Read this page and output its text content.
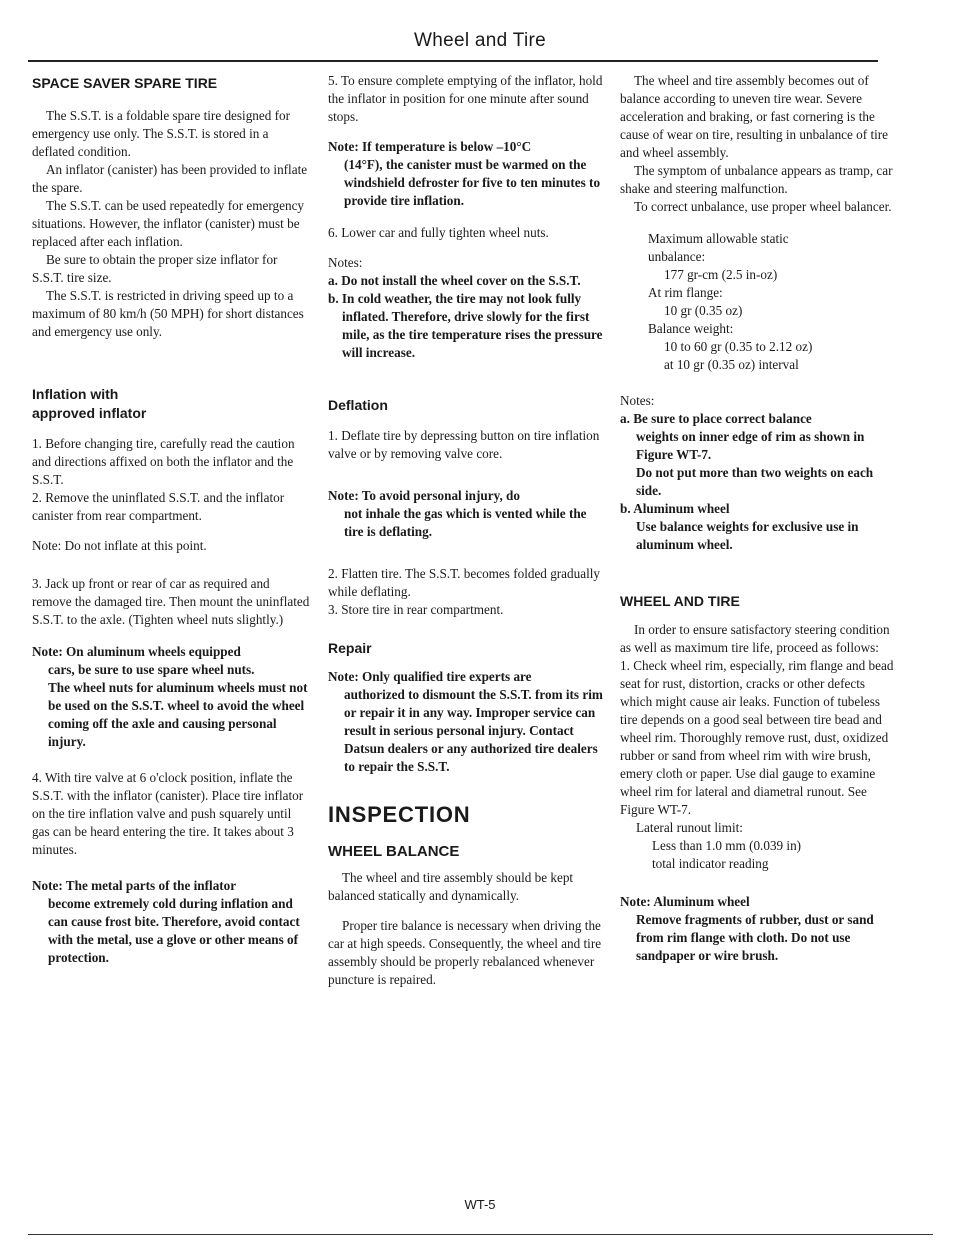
Wheel and Tire
SPACE SAVER SPARE TIRE

The S.S.T. is a foldable spare tire designed for emergency use only. The S.S.T. is stored in a deflated condition.

An inflator (canister) has been provided to inflate the spare.

The S.S.T. can be used repeatedly for emergency situations. However, the inflator (canister) must be replaced after each inflation.

Be sure to obtain the proper size inflator for S.S.T. tire size.

The S.S.T. is restricted in driving speed up to a maximum of 80 km/h (50 MPH) for short distances and emergency use only.

Inflation with
approved inflator

1. Before changing tire, carefully read the caution and directions affixed on both the inflator and the S.S.T.

2. Remove the uninflated S.S.T. and the inflator canister from rear compartment.

Note: Do not inflate at this point.

3. Jack up front or rear of car as required and remove the damaged tire. Then mount the uninflated S.S.T. to the axle. (Tighten wheel nuts slightly.)

Note: On aluminum wheels equipped
cars, be sure to use spare wheel nuts.
The wheel nuts for aluminum wheels must not be used on the S.S.T. wheel to avoid the wheel coming off the axle and causing personal injury.

4. With tire valve at 6 o'clock position, inflate the S.S.T. with the inflator (canister). Place tire inflator on the tire inflation valve and push squarely until gas can be heard entering the tire. It takes about 3 minutes.

Note: The metal parts of the inflator
become extremely cold during inflation and can cause frost bite. Therefore, avoid contact with the metal, use a glove or other means of protection.

5. To ensure complete emptying of the inflator, hold the inflator in position for one minute after sound stops.

Note: If temperature is below –10°C
(14°F), the canister must be warmed on the windshield defroster for five to ten minutes to provide tire inflation.

6. Lower car and fully tighten wheel nuts.

Notes:
a. Do not install the wheel cover on the S.S.T.
b. In cold weather, the tire may not look fully inflated. Therefore, drive slowly for the first mile, as the tire temperature rises the pressure will increase.
Deflation

1. Deflate tire by depressing button on tire inflation valve or by removing valve core.

Note: To avoid personal injury, do
not inhale the gas which is vented while the tire is deflating.

2. Flatten tire. The S.S.T. becomes folded gradually while deflating.

3. Store tire in rear compartment.

Repair
Note: Only qualified tire experts are
authorized to dismount the S.S.T. from its rim or repair it in any way. Improper service can result in serious personal injury. Contact Datsun dealers or any authorized tire dealers to repair the S.S.T.
INSPECTION
WHEEL BALANCE

The wheel and tire assembly should be kept balanced statically and dynamically.

Proper tire balance is necessary when driving the car at high speeds. Consequently, the wheel and tire assembly should be properly rebalanced whenever puncture is repaired.

The wheel and tire assembly becomes out of balance according to uneven tire wear. Severe acceleration and braking, or fast cornering is the cause of wear on tire, resulting in unbalance of tire and wheel assembly.

The symptom of unbalance appears as tramp, car shake and steering malfunction.

To correct unbalance, use proper wheel balancer.

Maximum allowable static
unbalance:
177 gr-cm (2.5 in-oz)
At rim flange:
10 gr (0.35 oz)
Balance weight:
10 to 60 gr (0.35 to 2.12 oz)
at 10 gr (0.35 oz) interval
Notes:
a. Be sure to place correct balance
weights on inner edge of rim as shown in Figure WT-7.
Do not put more than two weights on each side.
b. Aluminum wheel
Use balance weights for exclusive use in aluminum wheel.
WHEEL AND TIRE

In order to ensure satisfactory steering condition as well as maximum tire life, proceed as follows:

1. Check wheel rim, especially, rim flange and bead seat for rust, distortion, cracks or other defects which might cause air leaks. Function of tubeless tire depends on a good seal between tire bead and wheel rim. Thoroughly remove rust, dust, oxidized rubber or sand from wheel rim with wire brush, emery cloth or paper. Use dial gauge to examine wheel rim for lateral and diametral runout. See Figure WT-7.

Lateral runout limit:
Less than 1.0 mm (0.039 in)
total indicator reading
Note: Aluminum wheel
Remove fragments of rubber, dust or sand from rim flange with cloth. Do not use sandpaper or wire brush.
WT-5
